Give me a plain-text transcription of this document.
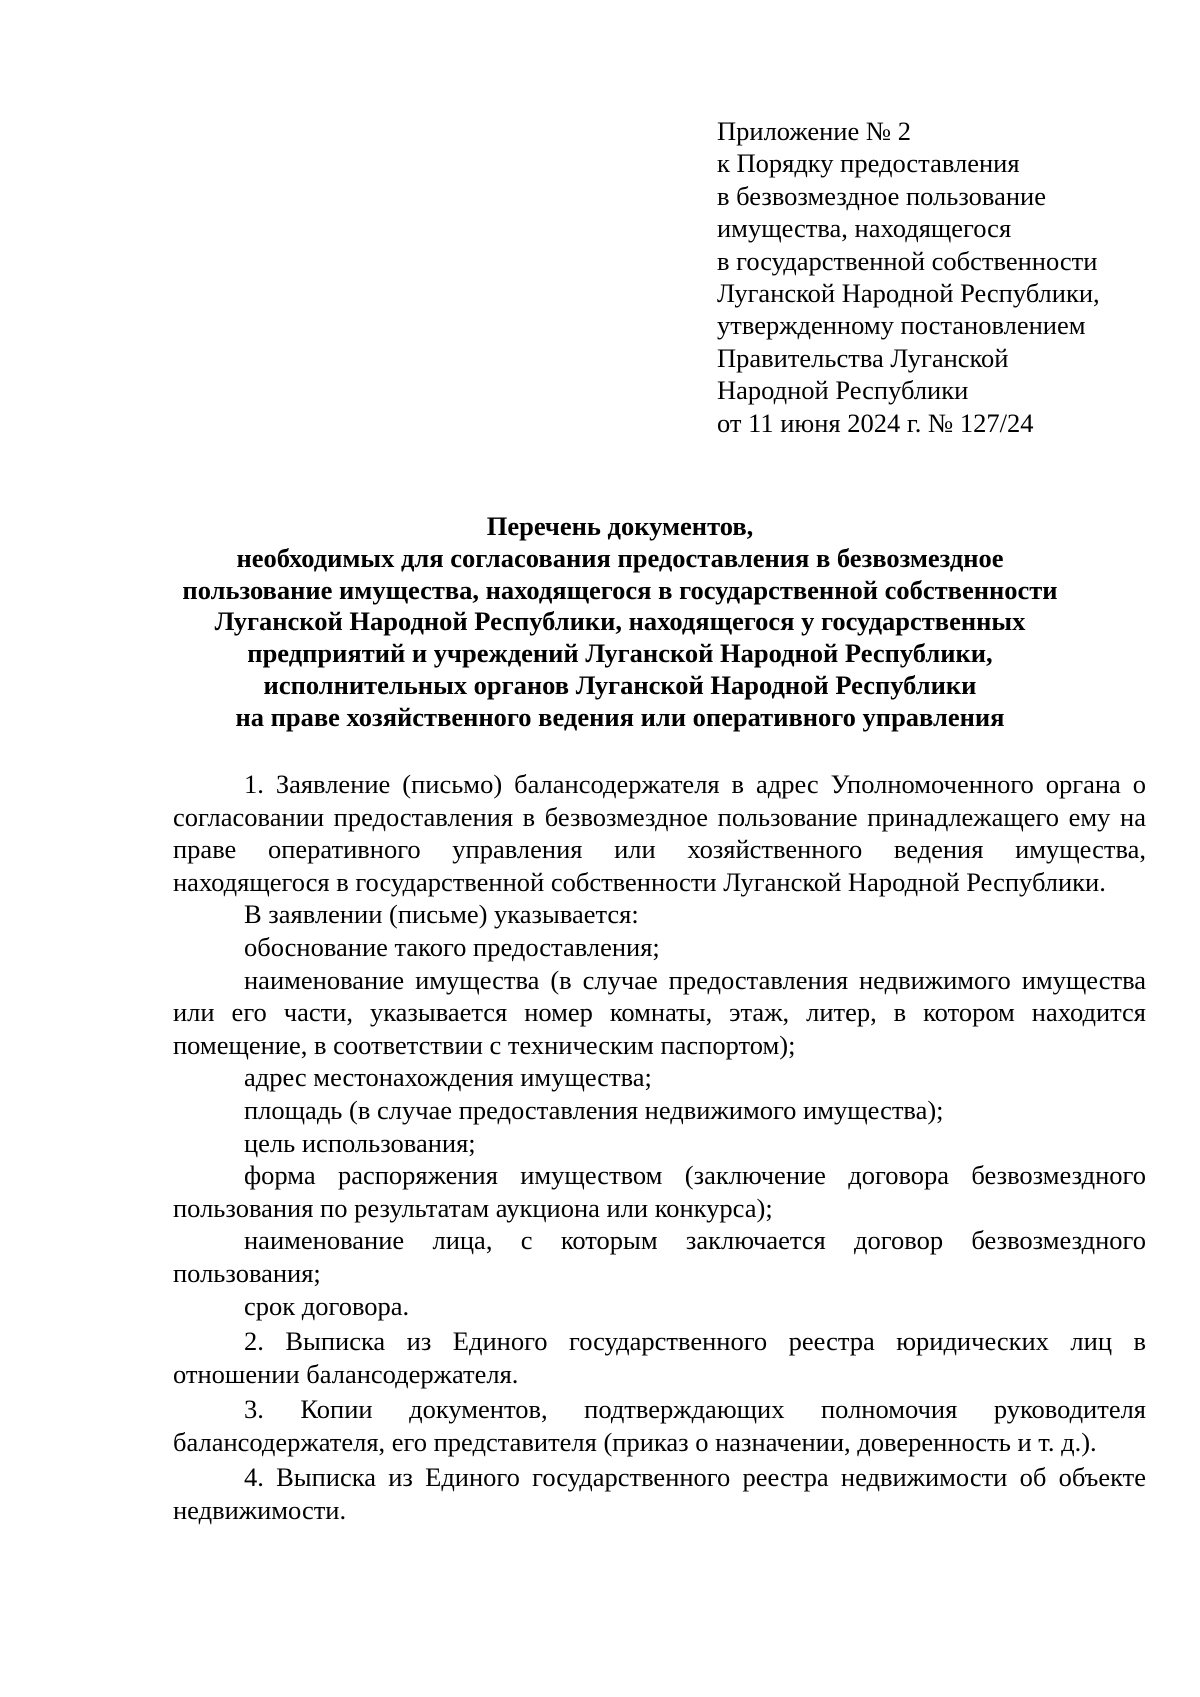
Приложение № 2
к Порядку предоставления
в безвозмездное пользование
имущества, находящегося
в государственной собственности
Луганской Народной Республики,
утвержденному постановлением
Правительства Луганской
Народной Республики
от 11 июня 2024 г. № 127/24
Перечень документов,
необходимых для согласования предоставления в безвозмездное
пользование имущества, находящегося в государственной собственности
Луганской Народной Республики, находящегося у государственных
предприятий и учреждений Луганской Народной Республики,
исполнительных органов Луганской Народной Республики
на праве хозяйственного ведения или оперативного управления

1. Заявление (письмо) балансодержателя в адрес Уполномоченного органа о согласовании предоставления в безвозмездное пользование принадлежащего ему на праве оперативного управления или хозяйственного ведения имущества, находящегося в государственной собственности Луганской Народной Республики.

В заявлении (письме) указывается:

обоснование такого предоставления;

наименование имущества (в случае предоставления недвижимого имущества или его части, указывается номер комнаты, этаж, литер, в котором находится помещение, в соответствии с техническим паспортом);

адрес местонахождения имущества;

площадь (в случае предоставления недвижимого имущества);

цель использования;

форма распоряжения имуществом (заключение договора безвозмездного пользования по результатам аукциона или конкурса);

наименование лица, с которым заключается договор безвозмездного пользования;

срок договора.

2. Выписка из Единого государственного реестра юридических лиц в отношении балансодержателя.

3. Копии документов, подтверждающих полномочия руководителя балансодержателя, его представителя (приказ о назначении, доверенность и т. д.).

4. Выписка из Единого государственного реестра недвижимости об объекте недвижимости.
